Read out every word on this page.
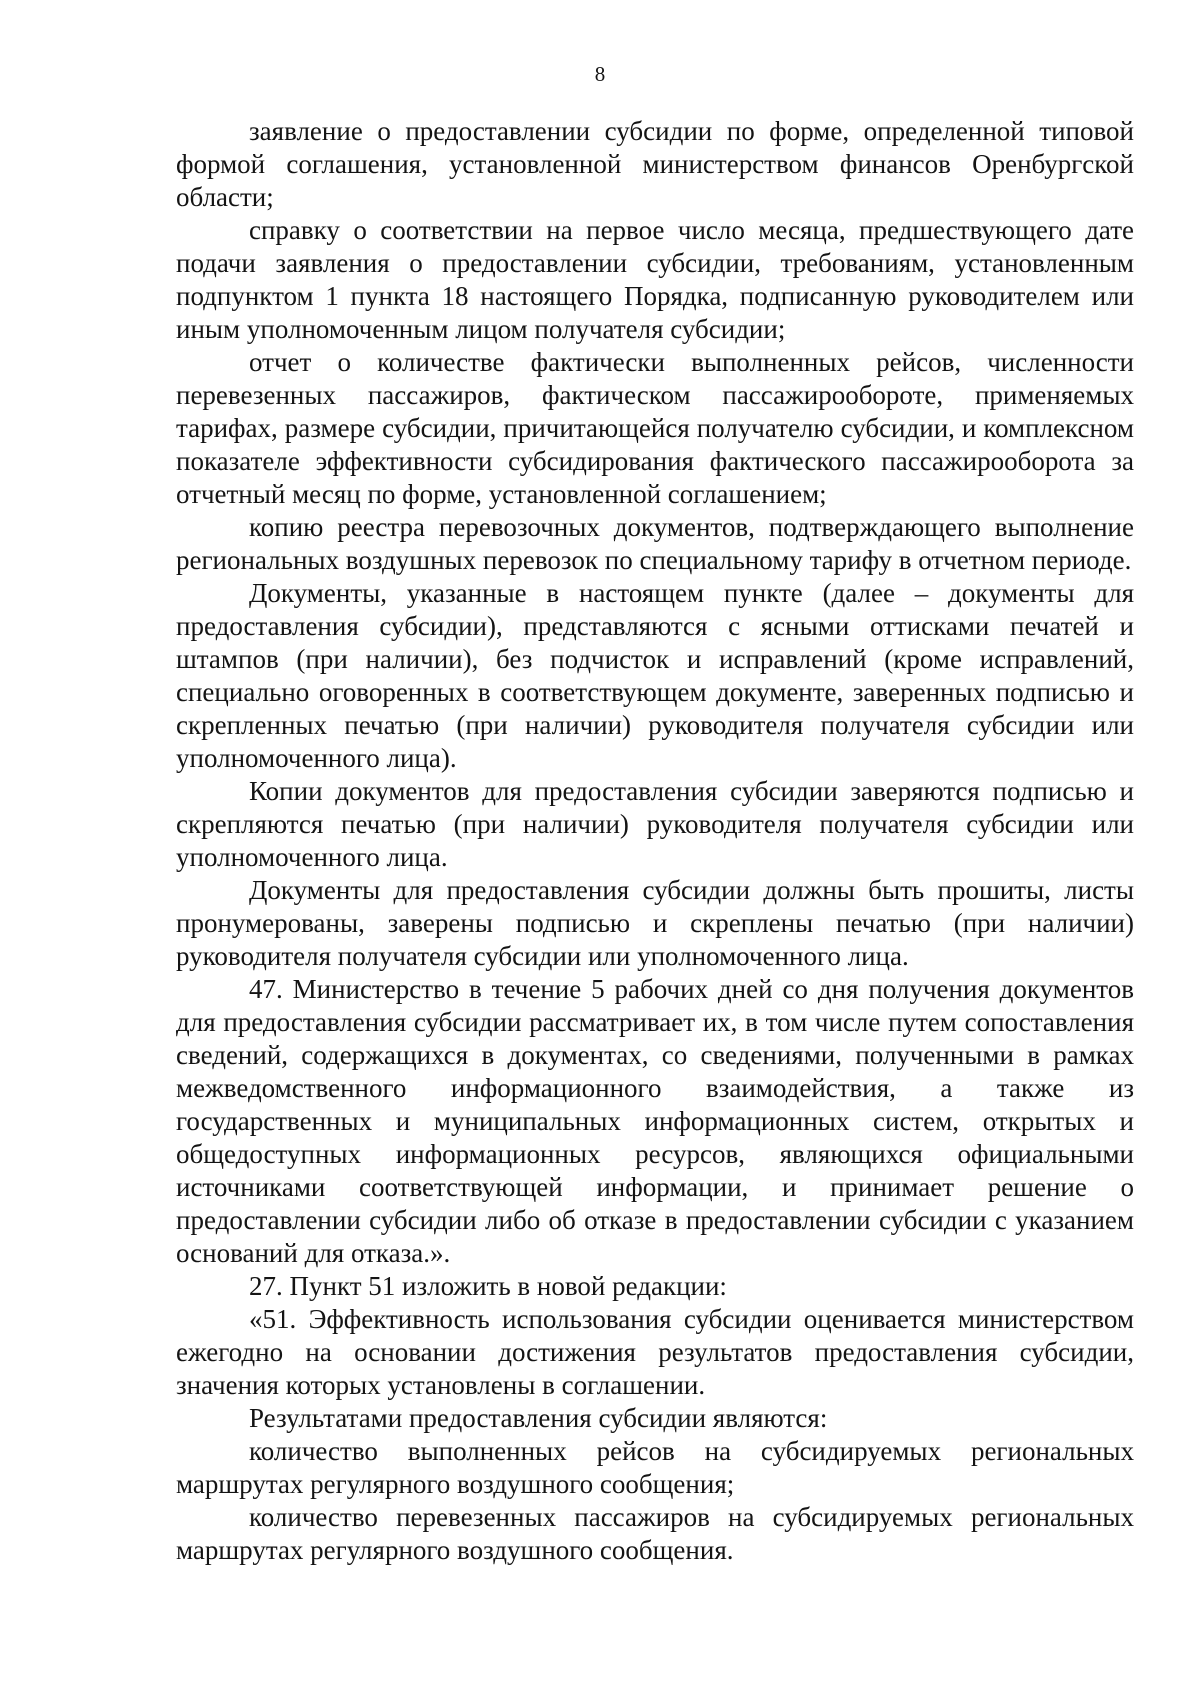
8

заявление о предоставлении субсидии по форме, определенной типовой формой соглашения, установленной министерством финансов Оренбургской области;

справку о соответствии на первое число месяца, предшествующего дате подачи заявления о предоставлении субсидии, требованиям, установленным подпунктом 1 пункта 18 настоящего Порядка, подписанную руководителем или иным уполномоченным лицом получателя субсидии;

отчет о количестве фактически выполненных рейсов, численности перевезенных пассажиров, фактическом пассажирообороте, применяемых тарифах, размере субсидии, причитающейся получателю субсидии, и комплексном показателе эффективности субсидирования фактического пассажирооборота за отчетный месяц по форме, установленной соглашением;

копию реестра перевозочных документов, подтверждающего выполнение региональных воздушных перевозок по специальному тарифу в отчетном периоде.

Документы, указанные в настоящем пункте (далее – документы для предоставления субсидии), представляются с ясными оттисками печатей и штампов (при наличии), без подчисток и исправлений (кроме исправлений, специально оговоренных в соответствующем документе, заверенных подписью и скрепленных печатью (при наличии) руководителя получателя субсидии или уполномоченного лица).

Копии документов для предоставления субсидии заверяются подписью и скрепляются печатью (при наличии) руководителя получателя субсидии или уполномоченного лица.

Документы для предоставления субсидии должны быть прошиты, листы пронумерованы, заверены подписью и скреплены печатью (при наличии) руководителя получателя субсидии или уполномоченного лица.

47. Министерство в течение 5 рабочих дней со дня получения документов для предоставления субсидии рассматривает их, в том числе путем сопоставления сведений, содержащихся в документах, со сведениями, полученными в рамках межведомственного информационного взаимодействия, а также из государственных и муниципальных информационных систем, открытых и общедоступных информационных ресурсов, являющихся официальными источниками соответствующей информации, и принимает решение о предоставлении субсидии либо об отказе в предоставлении субсидии с указанием оснований для отказа.».

27. Пункт 51 изложить в новой редакции:

«51. Эффективность использования субсидии оценивается министерством ежегодно на основании достижения результатов предоставления субсидии, значения которых установлены в соглашении.

Результатами предоставления субсидии являются:

количество выполненных рейсов на субсидируемых региональных маршрутах регулярного воздушного сообщения;

количество перевезенных пассажиров на субсидируемых региональных маршрутах регулярного воздушного сообщения.
